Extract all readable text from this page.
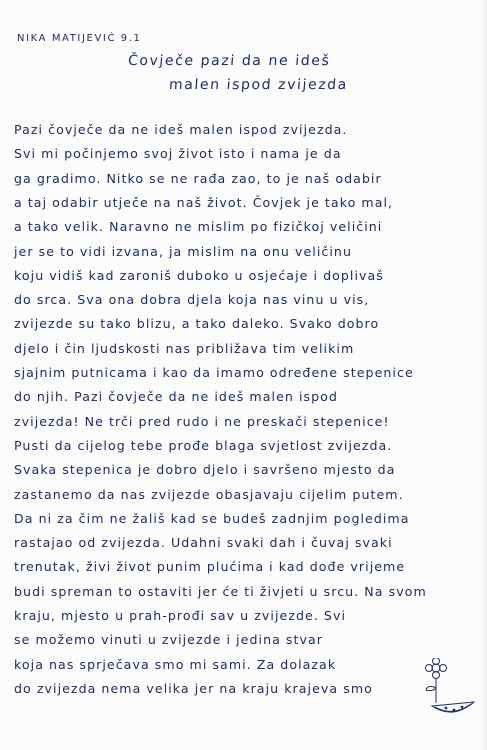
NIKA MATIJEVIĆ 9.1
Čovječe pazi da ne ideš
malen ispod zvijezda
Pazi čovječe da ne ideš malen ispod zvijezda.
Svi mi počinjemo svoj život isto i nama je da
ga gradimo. Nitko se ne rađa zao, to je naš odabir
a taj odabir utječe na naš život. Čovjek je tako mal,
a tako velik. Naravno ne mislim po fizičkoj veličini
jer se to vidi izvana, ja mislim na onu veličinu
koju vidiš kad zaroniš duboko u osjećaje i doplivaš
do srca. Sva ona dobra djela koja nas vinu u vis,
zvijezde su tako blizu, a tako daleko. Svako dobro
djelo i čin ljudskosti nas približava tim velikim
sjajnim putnicama i kao da imamo određene stepenice
do njih. Pazi čovječe da ne ideš malen ispod
zvijezda! Ne trči pred rudo i ne preskači stepenice!
Pusti da cijelog tebe prođe blaga svjetlost zvijezda.
Svaka stepenica je dobro djelo i savršeno mjesto da
zastanemo da nas zvijezde obasjavaju cijelim putem.
Da ni za čim ne žališ kad se budeš zadnjim pogledima
rastajao od zvijezda. Udahni svaki dah i čuvaj svaki
trenutak, živi život punim plućima i kad dođe vrijeme
budi spreman to ostaviti jer će ti živjeti u srcu. Na svom
kraju, mjesto u prah-prođi sav u zvijezde. Svi
se možemo vinuti u zvijezde i jedina stvar
koja nas sprječava smo mi sami. Za dolazak
do zvijezda nema velika jer na kraju krajeva smo
